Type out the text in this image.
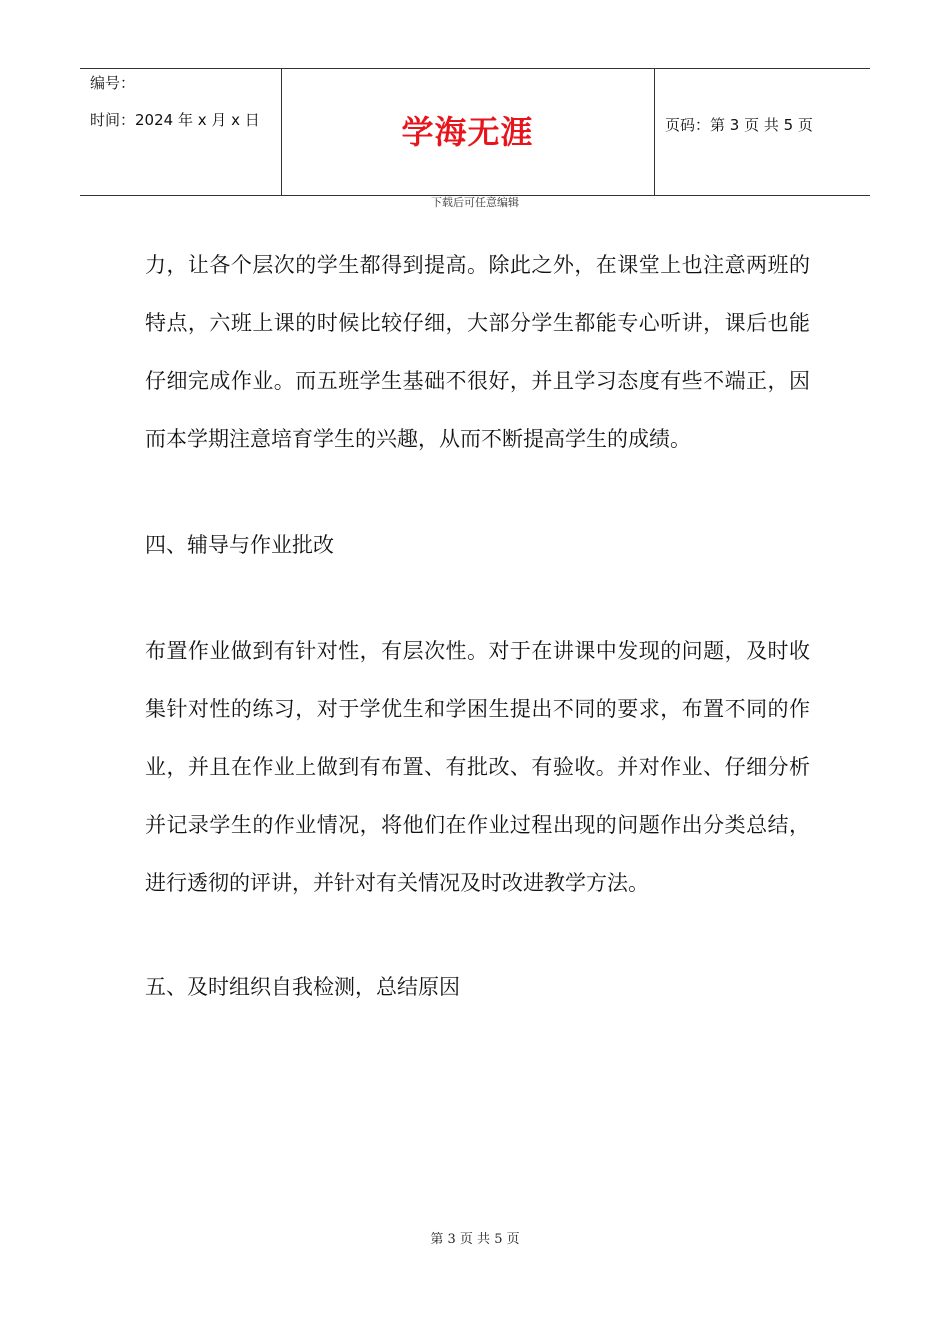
编号：
时间：2024 年 x 月 x 日	学海无涯	页码：第 3 页 共 5 页
下载后可任意编辑

力，让各个层次的学生都得到提高。除此之外，在课堂上也注意两班的特点，六班上课的时候比较仔细，大部分学生都能专心听讲，课后也能仔细完成作业。而五班学生基础不很好，并且学习态度有些不端正，因而本学期注意培育学生的兴趣，从而不断提高学生的成绩。

四、辅导与作业批改

布置作业做到有针对性，有层次性。对于在讲课中发现的问题，及时收集针对性的练习，对于学优生和学困生提出不同的要求，布置不同的作业，并且在作业上做到有布置、有批改、有验收。并对作业、仔细分析并记录学生的作业情况，将他们在作业过程出现的问题作出分类总结，进行透彻的评讲，并针对有关情况及时改进教学方法。

五、及时组织自我检测，总结原因

第 3 页 共 5 页
